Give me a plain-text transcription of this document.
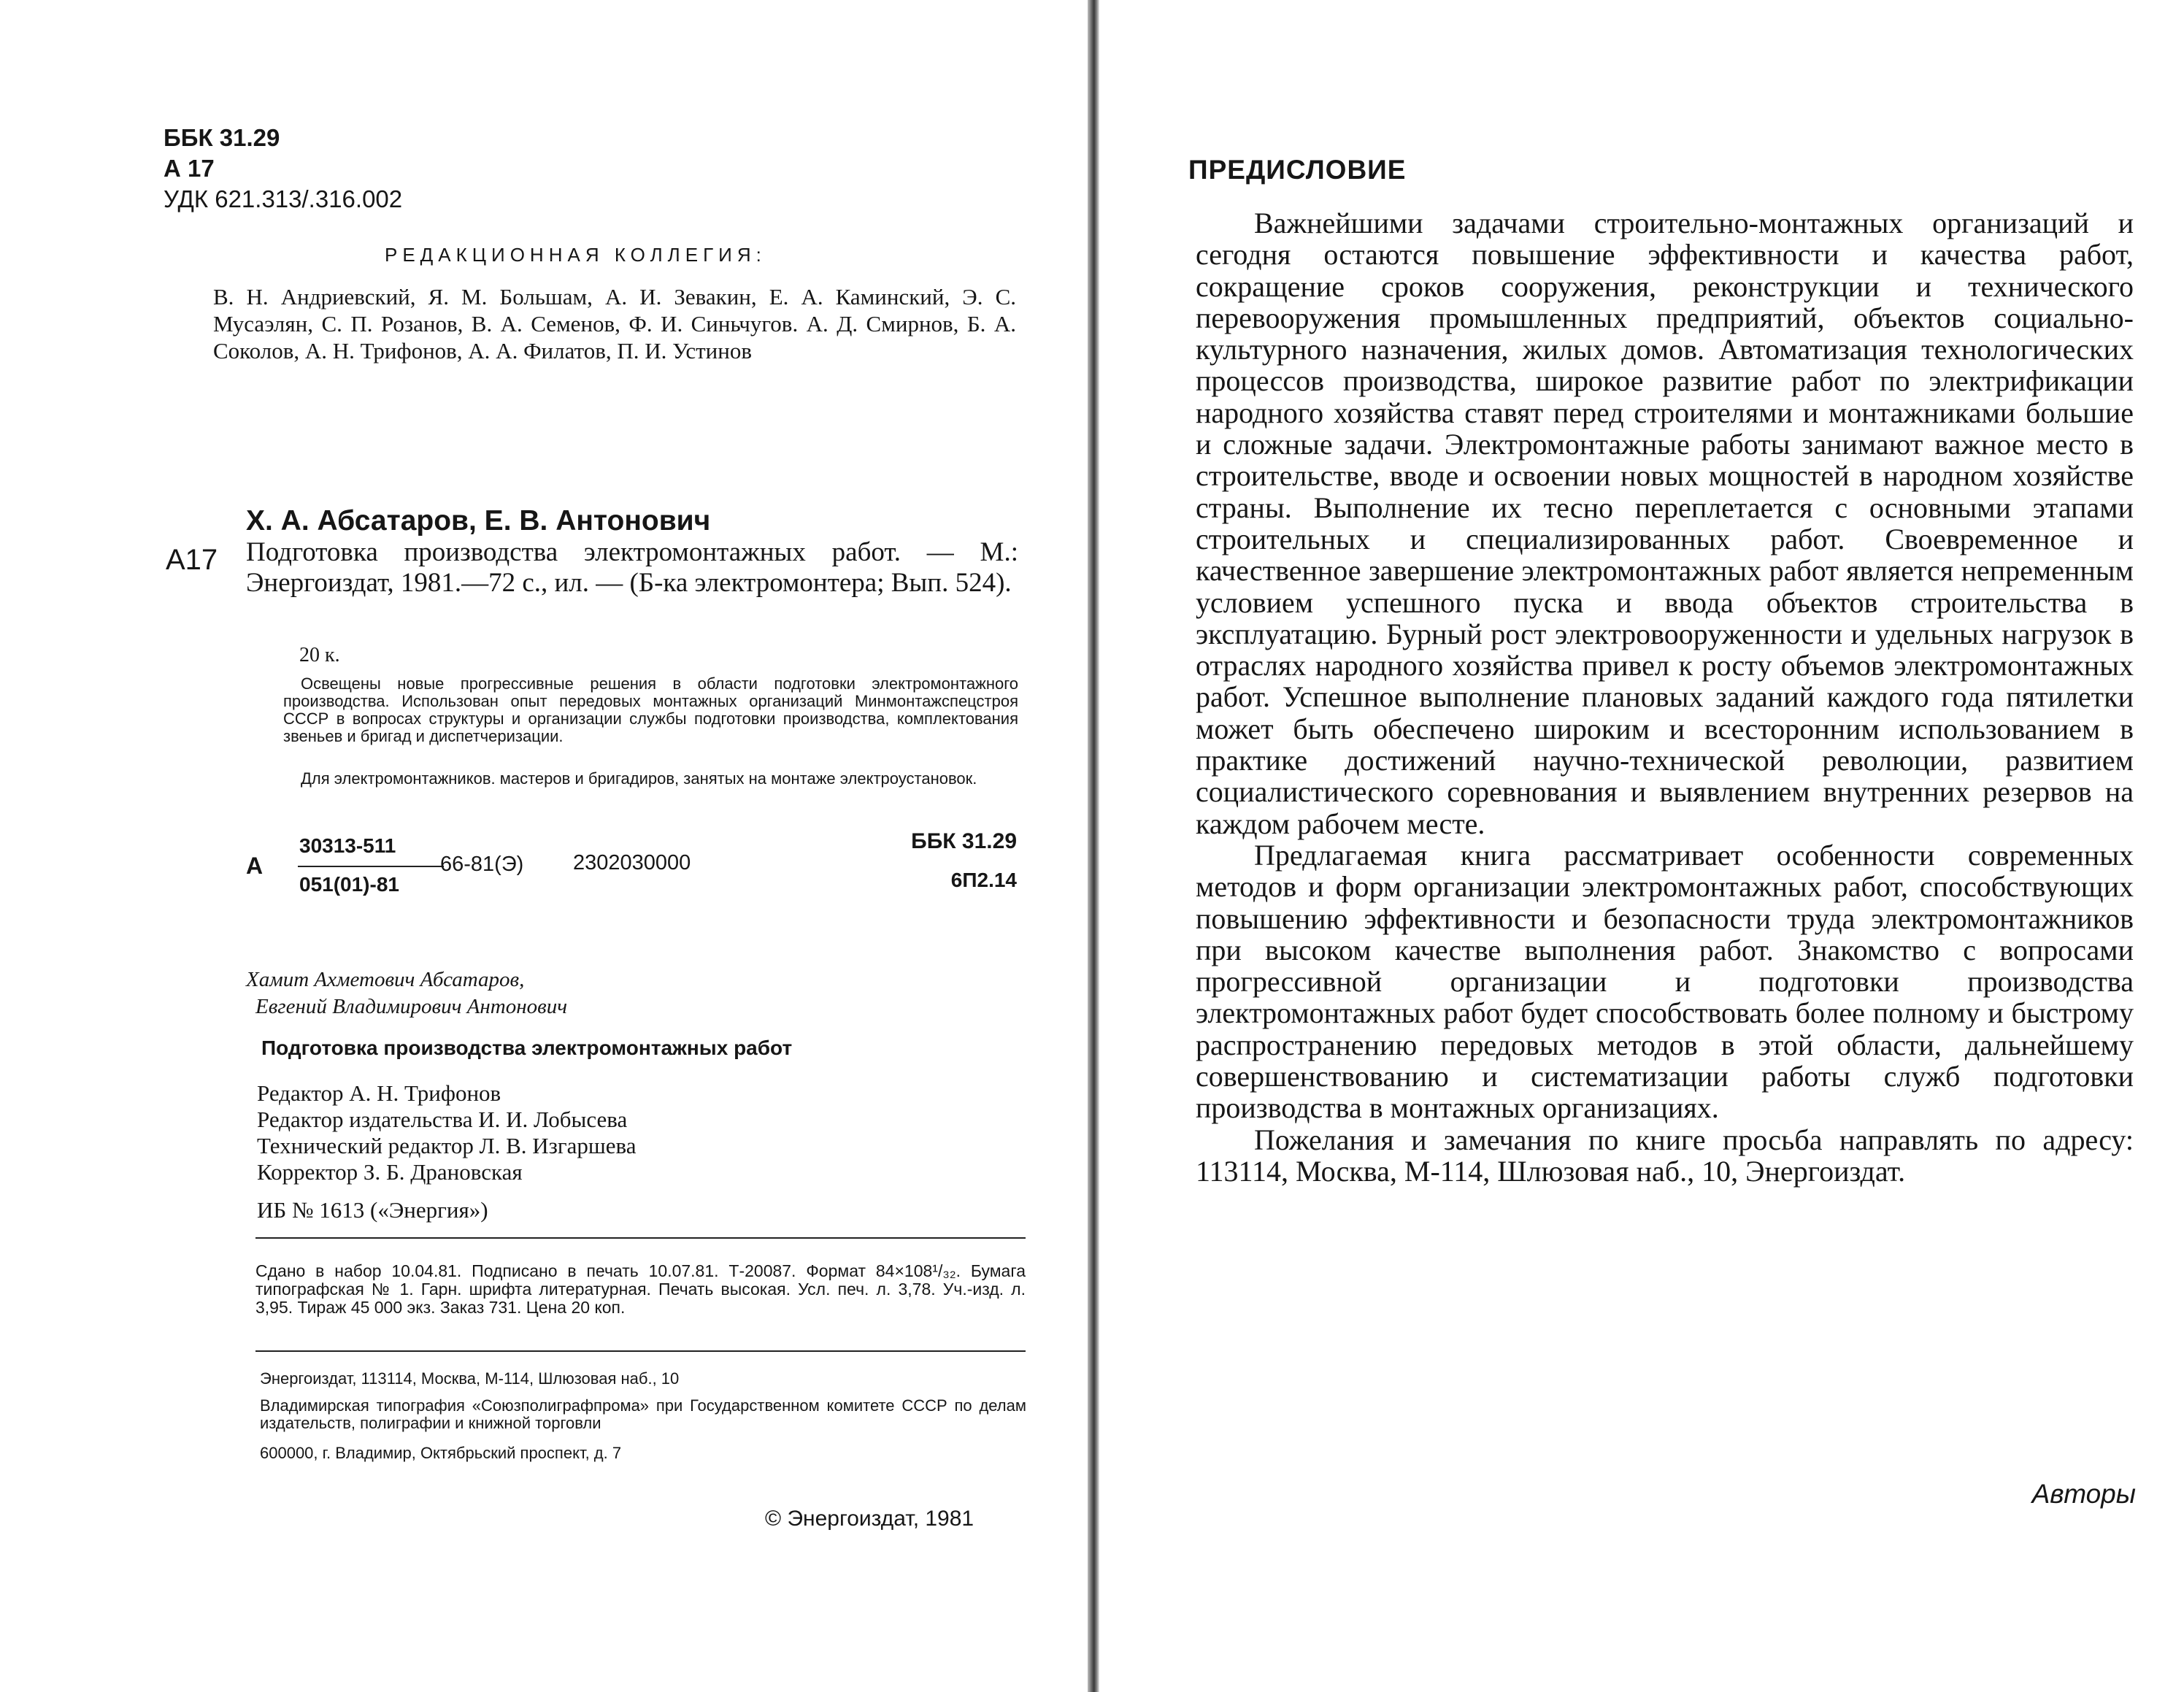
ББК 31.29
А 17
УДК 621.313/.316.002
РЕДАКЦИОННАЯ КОЛЛЕГИЯ:
В. Н. Андриевский, Я. М. Большам, А. И. Зевакин, Е. А. Каминский, Э. С. Мусаэлян, С. П. Розанов, В. А. Семенов, Ф. И. Синьчугов. А. Д. Смирнов, Б. А. Соколов, А. Н. Трифонов, А. А. Филатов, П. И. Устинов
Х. А. Абсатаров, Е. В. Антонович
А17 Подготовка производства электромонтажных работ. — М.: Энергоиздат, 1981.—72 с., ил. — (Б-ка электромонтера; Вып. 524).
20 к.
Освещены новые прогрессивные решения в области подготовки электромонтажного производства. Использован опыт передовых монтажных организаций Минмонтажспецстроя СССР в вопросах структуры и организации службы подготовки производства, комплектования звеньев и бригад и диспетчеризации.
Для электромонтажников. мастеров и бригадиров, занятых на монтаже электроустановок.
А
30313-511
051(01)-81
66-81(Э) 2302030000
ББК 31.29
6П2.14
Хамит Ахметович Абсатаров,
Евгений Владимирович Антонович
Подготовка производства электромонтажных работ
Редактор А. Н. Трифонов
Редактор издательства И. И. Лобысева
Технический редактор Л. В. Изгаршева
Корректор З. Б. Драновская
ИБ № 1613 («Энергия»)
Сдано в набор 10.04.81. Подписано в печать 10.07.81. Т-20087. Формат 84×108¹/₃₂. Бумага типографская № 1. Гарн. шрифта литературная. Печать высокая. Усл. печ. л. 3,78. Уч.-изд. л. 3,95. Тираж 45 000 экз. Заказ 731. Цена 20 коп.
Энергоиздат, 113114, Москва, М-114, Шлюзовая наб., 10
Владимирская типография «Союзполиграфпрома» при Государственном комитете СССР по делам издательств, полиграфии и книжной торговли
600000, г. Владимир, Октябрьский проспект, д. 7
© Энергоиздат, 1981
ПРЕДИСЛОВИЕ

Важнейшими задачами строительно-монтажных организаций и сегодня остаются повышение эффективности и качества работ, сокращение сроков сооружения, реконструкции и технического перевооружения промышленных предприятий, объектов социально-культурного назначения, жилых домов. Автоматизация технологических процессов производства, широкое развитие работ по электрификации народного хозяйства ставят перед строителями и монтажниками большие и сложные задачи. Электромонтажные работы занимают важное место в строительстве, вводе и освоении новых мощностей в народном хозяйстве страны. Выполнение их тесно переплетается с основными этапами строительных и специализированных работ. Своевременное и качественное завершение электромонтажных работ является непременным условием успешного пуска и ввода объектов строительства в эксплуатацию. Бурный рост электровооруженности и удельных нагрузок в отраслях народного хозяйства привел к росту объемов электромонтажных работ. Успешное выполнение плановых заданий каждого года пятилетки может быть обеспечено широким и всесторонним использованием в практике достижений научно-технической революции, развитием социалистического соревнования и выявлением внутренних резервов на каждом рабочем месте.

Предлагаемая книга рассматривает особенности современных методов и форм организации электромонтажных работ, способствующих повышению эффективности и безопасности труда электромонтажников при высоком качестве выполнения работ. Знакомство с вопросами прогрессивной организации и подготовки производства электромонтажных работ будет способствовать более полному и быстрому распространению передовых методов в этой области, дальнейшему совершенствованию и систематизации работы служб подготовки производства в монтажных организациях.

Пожелания и замечания по книге просьба направлять по адресу: 113114, Москва, М-114, Шлюзовая наб., 10, Энергоиздат.

Авторы
